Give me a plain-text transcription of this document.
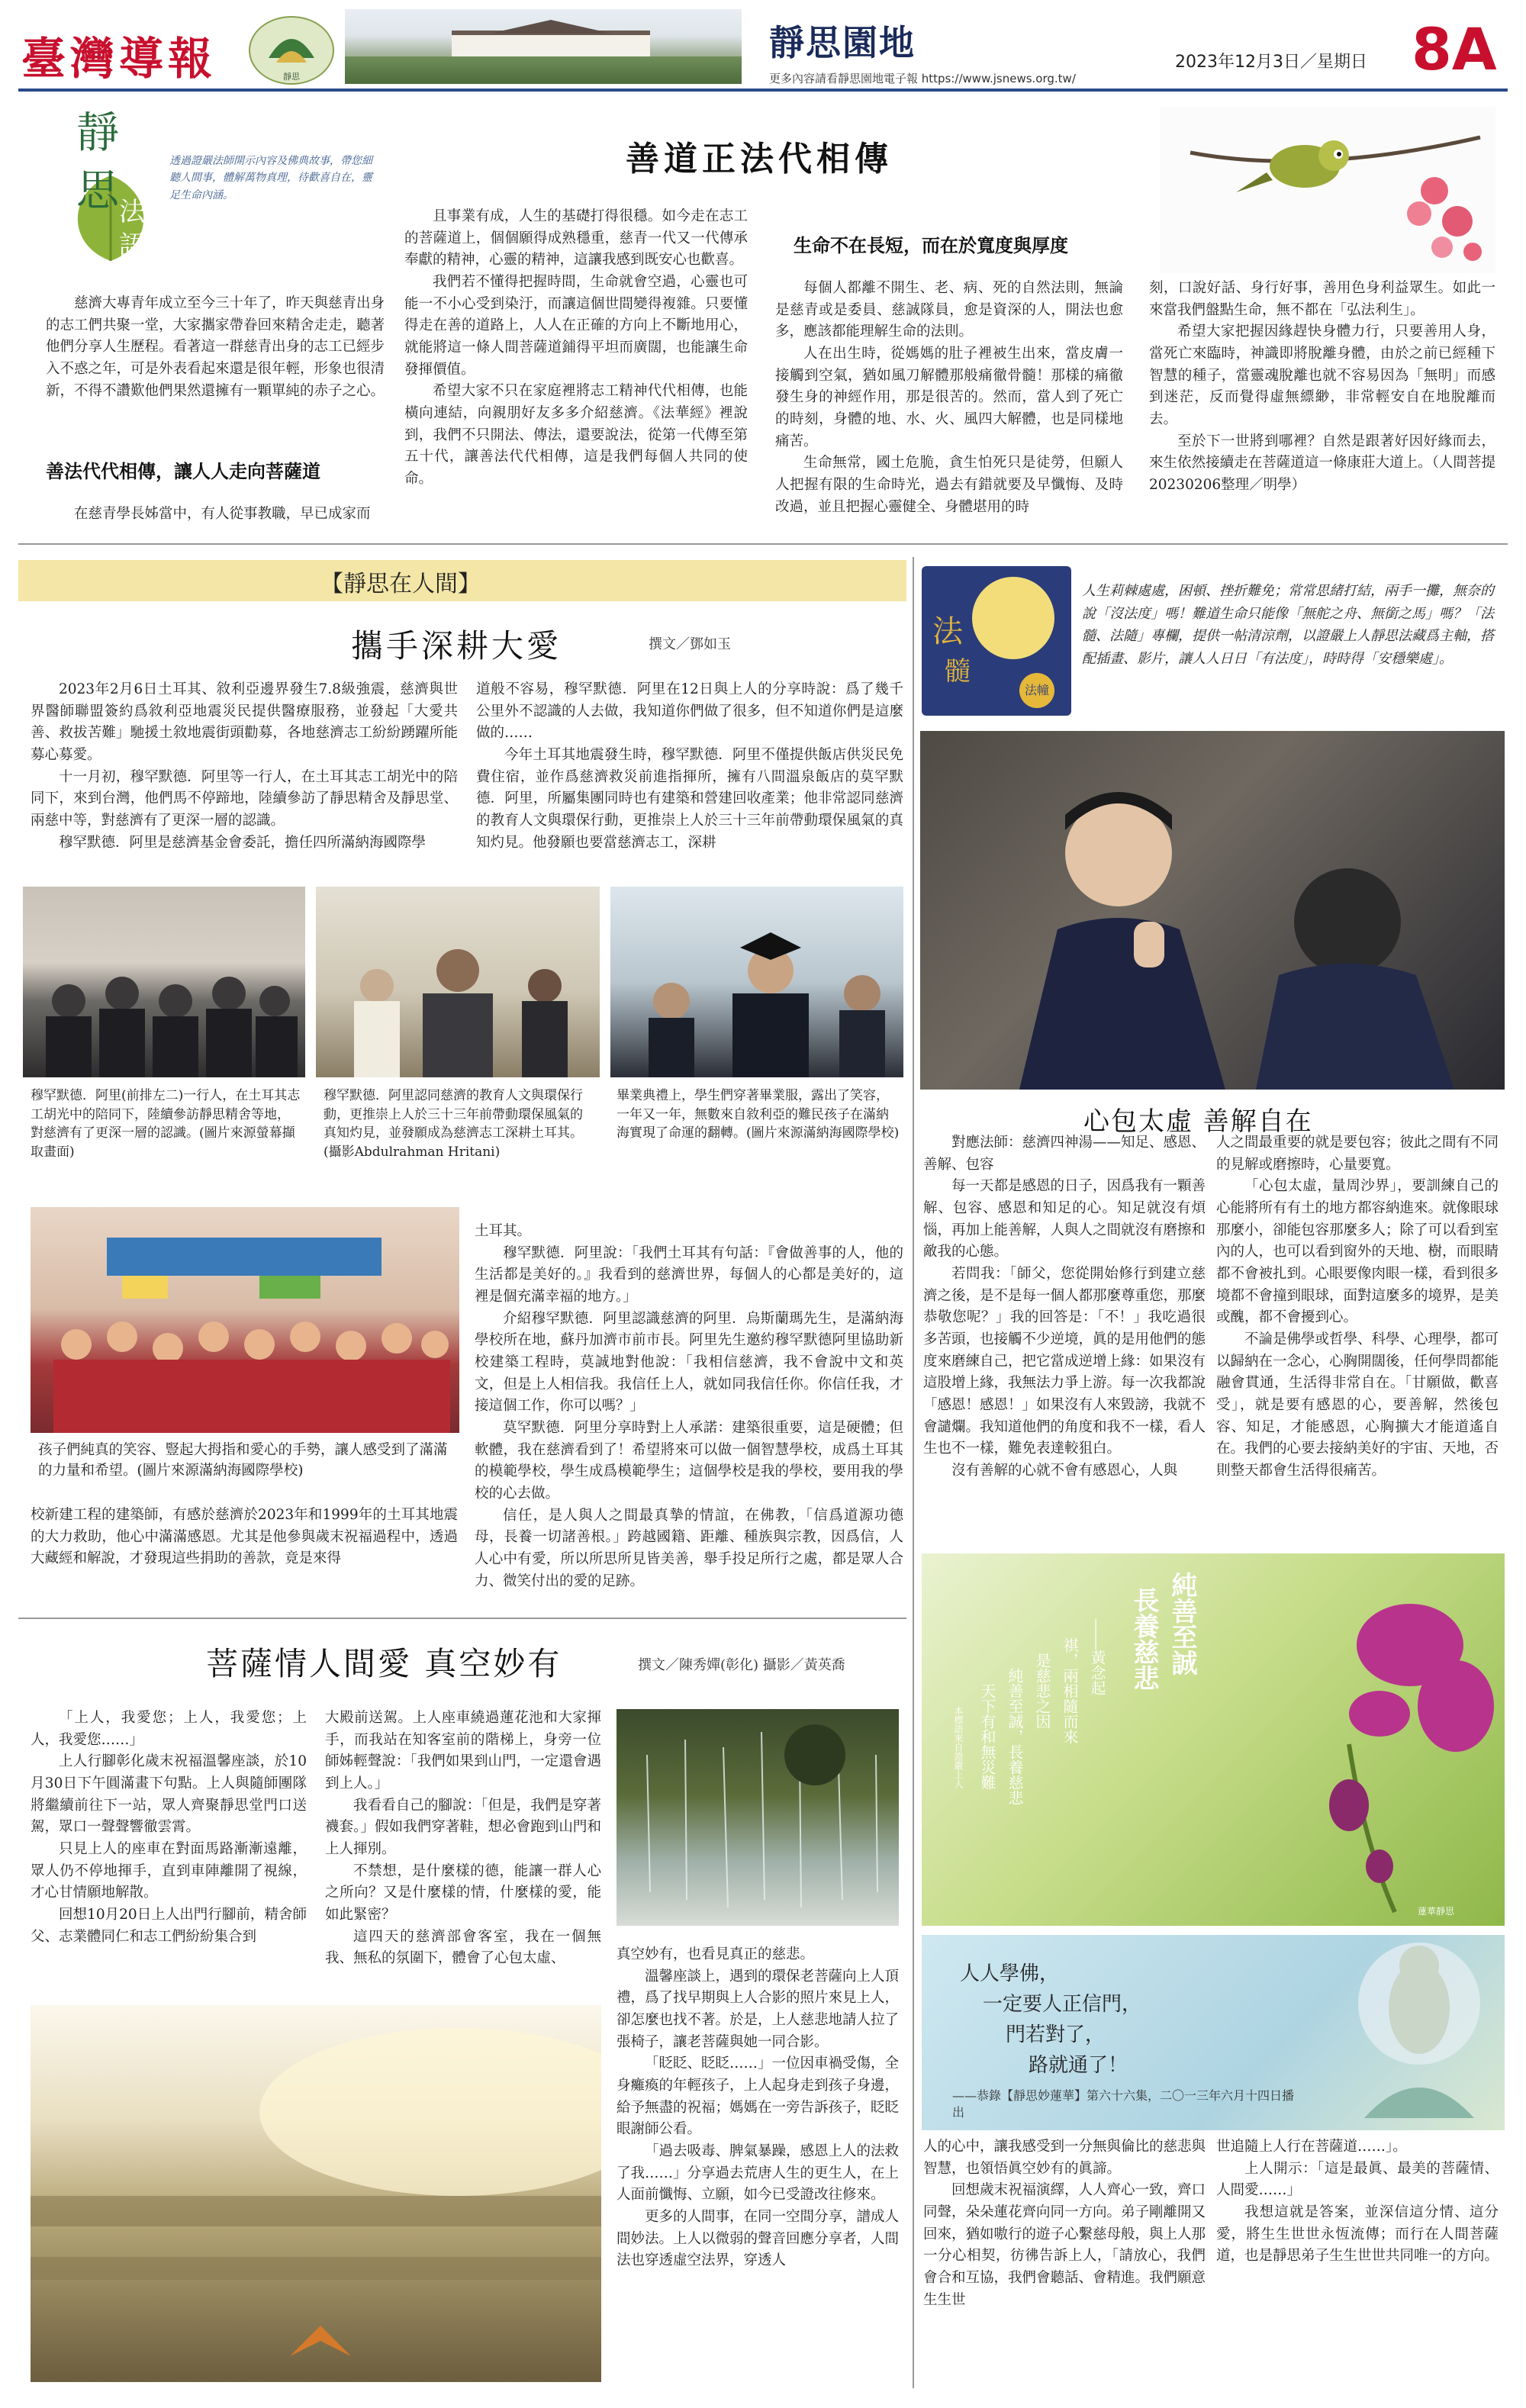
臺灣導報	靜思
靜思園地
更多內容請看靜思園地電子報 https://www.jsnews.org.tw/
2023年12月3日／星期日 8A
靜
思 法
語
透過證嚴法師開示內容及佛典故事，帶您細聽人間事，體解萬物真理，待歡喜自在，靈足生命內涵。
善道正法代相傳

慈濟大專青年成立至今三十年了，昨天與慈青出身的志工們共聚一堂，大家攜家帶眷回來精舍走走，聽著他們分享人生歷程。看著這一群慈青出身的志工已經步入不惑之年，可是外表看起來還是很年輕，形象也很清新，不得不讚歎他們果然還擁有一顆單純的赤子之心。

善法代代相傳，讓人人走向菩薩道

在慈青學長姊當中，有人從事教職，早已成家而

且事業有成，人生的基礎打得很穩。如今走在志工的菩薩道上，個個願得成熟穩重，慈青一代又一代傳承奉獻的精神，心靈的精神，這讓我感到既安心也歡喜。

我們若不懂得把握時間，生命就會空過，心靈也可能一不小心受到染汙，而讓這個世間變得複雜。只要懂得走在善的道路上，人人在正確的方向上不斷地用心，就能將這一條人間菩薩道鋪得平坦而廣闊，也能讓生命發揮價值。

希望大家不只在家庭裡將志工精神代代相傳，也能橫向連結，向親朋好友多多介紹慈濟。《法華經》裡說到，我們不只開法、傳法，還要說法，從第一代傳至第五十代，讓善法代代相傳，這是我們每個人共同的使命。

生命不在長短，而在於寬度與厚度

每個人都離不開生、老、病、死的自然法則，無論是慈青或是委員、慈誠隊員，愈是資深的人，開法也愈多，應該都能理解生命的法則。

人在出生時，從媽媽的肚子裡被生出來，當皮膚一接觸到空氣，猶如風刀解體那般痛徹骨髓！那樣的痛徹發生身的神經作用，那是很苦的。然而，當人到了死亡的時刻，身體的地、水、火、風四大解體，也是同樣地痛苦。

生命無常，國土危脆，貪生怕死只是徒勞，但願人人把握有限的生命時光，過去有錯就要及早懺悔、及時改過，並且把握心靈健全、身體堪用的時

刻，口說好話、身行好事，善用色身利益眾生。如此一來當我們盤點生命，無不都在「弘法利生」。

希望大家把握因緣趕快身體力行，只要善用人身，當死亡來臨時，神識即將脫離身體，由於之前已經種下智慧的種子，當靈魂脫離也就不容易因為「無明」而感到迷茫，反而覺得虛無縹緲，非常輕安自在地脫離而去。

至於下一世將到哪裡？自然是跟著好因好緣而去，來生依然接續走在菩薩道這一條康莊大道上。（人間菩提20230206整理／明學）

【靜思在人間】
攜手深耕大愛	撰文／鄧如玉

2023年2月6日土耳其、敘利亞邊界發生7.8級強震，慈濟與世界醫師聯盟簽約爲敘利亞地震災民提供醫療服務，並發起「大愛共善、救拔苦難」馳援土敘地震街頭勸募，各地慈濟志工紛紛踴躍所能募心募愛。

十一月初，穆罕默德．阿里等一行人，在土耳其志工胡光中的陪同下，來到台灣，他們馬不停蹄地，陸續參訪了靜思精舍及靜思堂、兩慈中等，對慈濟有了更深一層的認識。

穆罕默德．阿里是慈濟基金會委託，擔任四所滿納海國際學

道般不容易，穆罕默德．阿里在12日與上人的分享時說：爲了幾千公里外不認識的人去做，我知道你們做了很多，但不知道你們是這麼做的……

今年土耳其地震發生時，穆罕默德．阿里不僅提供飯店供災民免費住宿，並作爲慈濟救災前進指揮所，擁有八間溫泉飯店的莫罕默德．阿里，所屬集團同時也有建築和營建回收產業；他非常認同慈濟的教育人文與環保行動，更推崇上人於三十三年前帶動環保風氣的真知灼見。他發願也要當慈濟志工，深耕

穆罕默德．阿里(前排左二)一行人，在土耳其志工胡光中的陪同下，陸續參訪靜思精舍等地，對慈濟有了更深一層的認識。(圖片來源螢幕擷取畫面)
穆罕默德．阿里認同慈濟的教育人文與環保行動，更推崇上人於三十三年前帶動環保風氣的真知灼見，並發願成為慈濟志工深耕土耳其。(攝影Abdulrahman Hritani)
畢業典禮上，學生們穿著畢業服，露出了笑容，一年又一年，無數來自敘利亞的難民孩子在滿納海實現了命運的翻轉。(圖片來源滿納海國際學校)
孩子們純真的笑容、豎起大拇指和愛心的手勢，讓人感受到了滿滿的力量和希望。(圖片來源滿納海國際學校)

校新建工程的建築師，有感於慈濟於2023年和1999年的土耳其地震的大力救助，他心中滿滿感恩。尤其是他參與歲末祝福過程中，透過大藏經和解說，才發現這些捐助的善款，竟是來得

土耳其。

穆罕默德．阿里說：「我們土耳其有句話：『會做善事的人，他的生活都是美好的。』我看到的慈濟世界，每個人的心都是美好的，這裡是個充滿幸福的地方。」

介紹穆罕默德．阿里認識慈濟的阿里．烏斯蘭瑪先生，是滿納海學校所在地，蘇丹加濟市前市長。阿里先生邀約穆罕默德阿里協助新校建築工程時，莫誠地對他說：「我相信慈濟，我不會說中文和英文，但是上人相信我。我信任上人，就如同我信任你。你信任我，才接這個工作，你可以嗎？」

莫罕默德．阿里分享時對上人承諾：建築很重要，這是硬體；但軟體，我在慈濟看到了！希望將來可以做一個智慧學校，成爲土耳其的模範學校，學生成爲模範學生；這個學校是我的學校，要用我的學校的心去做。

信任，是人與人之間最真摯的情誼，在佛教，「信爲道源功德母，長養一切諸善根。」跨越國籍、距離、種族與宗教，因爲信，人人心中有愛，所以所思所見皆美善，舉手投足所行之處，都是眾人合力、微笑付出的愛的足跡。

菩薩情人間愛 真空妙有	撰文／陳秀嬋(彰化) 攝影／黃英喬

「上人，我愛您；上人，我愛您；上人，我愛您……」

上人行腳彰化歲末祝福溫馨座談，於10月30日下午圓滿畫下句點。上人與隨師團隊將繼續前往下一站，眾人齊聚靜思堂門口送駕，眾口一聲聲響徹雲霄。

只見上人的座車在對面馬路漸漸遠離，眾人仍不停地揮手，直到車陣離開了視線，才心甘情願地解散。

回想10月20日上人出門行腳前，精舍師父、志業體同仁和志工們紛紛集合到

大殿前送駕。上人座車繞過蓮花池和大家揮手，而我站在知客室前的階梯上，身旁一位師姊輕聲說：「我們如果到山門，一定還會遇到上人。」

我看看自己的腳說：「但是，我們是穿著襪套。」假如我們穿著鞋，想必會跑到山門和上人揮別。

不禁想，是什麼樣的德，能讓一群人心之所向？又是什麼樣的情，什麼樣的愛，能如此緊密？

這四天的慈濟部會客室，我在一個無我、無私的氛圍下，體會了心包太虛、	真空妙有，也看見真正的慈悲。

溫馨座談上，遇到的環保老菩薩向上人頂禮，爲了找早期與上人合影的照片來見上人，卻怎麼也找不著。於是，上人慈悲地請人拉了張椅子，讓老菩薩與她一同合影。

「眨眨、眨眨……」一位因車禍受傷，全身癱瘓的年輕孩子，上人起身走到孩子身邊，給予無盡的祝福；媽媽在一旁告訴孩子，眨眨眼謝師公看。

「過去吸毒、脾氣暴躁，感恩上人的法救了我……」分享過去荒唐人生的更生人，在上人面前懺悔、立願，如今已受證改往修來。

更多的人間事，在同一空間分享，譜成人間妙法。上人以微弱的聲音回應分享者，人間法也穿透虛空法界，穿透人

法
髓
法幢
人生莉棘處處，困頓、挫折難免；常常思緒打結，兩手一攤，無奈的說「沒法度」嗎！難道生命只能像「無舵之舟、無銜之馬」嗎？「法髓、法隨」專欄，提供一帖清涼劑，以證嚴上人靜思法藏爲主軸，搭配插畫、影片，讓人人日日「有法度」，時時得「安穩樂處」。
心包太虛 善解自在

對應法師：慈濟四神湯——知足、感恩、善解、包容

每一天都是感恩的日子，因爲我有一顆善解、包容、感恩和知足的心。知足就沒有煩惱，再加上能善解，人與人之間就沒有磨擦和敵我的心態。

若問我：「師父，您從開始修行到建立慈濟之後，是不是每一個人都那麼尊重您，那麼恭敬您呢？」我的回答是：「不！」我吃過很多苦頭，也接觸不少逆境，眞的是用他們的態度來磨練自己，把它當成逆增上緣：如果沒有這股增上緣，我無法力爭上游。每一次我都說「感恩！感恩！」如果沒有人來毀謗，我就不會譴爛。我知道他們的角度和我不一樣，看人生也不一樣，難免表達較狙白。

沒有善解的心就不會有感恩心，人與

人之間最重要的就是要包容；彼此之間有不同的見解或磨擦時，心量要寬。

「心包太虛，量周沙界」，要訓練自己的心能將所有有土的地方都容納進來。就像眼球那麼小，卻能包容那麼多人；除了可以看到室內的人，也可以看到窗外的天地、樹，而眼睛都不會被扎到。心眼要像肉眼一樣，看到很多境都不會撞到眼球，面對這麼多的境界，是美或醜，都不會擾到心。

不論是佛學或哲學、科學、心理學，都可以歸納在一念心，心胸開闊後，任何學問都能融會貫通，生活得非常自在。「甘願做，歡喜受」，就是要有感恩的心，要善解，然後包容、知足，才能感恩，心胸擴大才能道遙自在。我們的心要去接納美好的宇宙、天地，否則整天都會生活得很痛苦。

純善至誠
長養慈悲
――黃念起
祺，兩相隨而來
是慈悲之因
純善至誠，長養慈悲
天下有和無災難
本標語來自證嚴上人
蓮華靜思
人人學佛，
一定要人正信門，
門若對了，
路就通了！
——恭錄【靜思妙蓮華】第六十六集，二〇一三年六月十四日播出

人的心中，讓我感受到一分無與倫比的慈悲與智慧，也領悟眞空妙有的眞諦。

回想歲末祝福演繹，人人齊心一致，齊口同聲，朵朵蓮花齊向同一方向。弟子剛離開又回來，猶如嗷行的遊子心繫慈母般，與上人那一分心相契，彷彿告訴上人，「請放心，我們會合和互協，我們會聽話、會精進。我們願意生生世

世追隨上人行在菩薩道……」。

上人開示：「這是最眞、最美的菩薩情、人間愛……」

我想這就是答案，並深信這分情、這分愛，將生生世世永恆流傳；而行在人間菩薩道，也是靜思弟子生生世世共同唯一的方向。
